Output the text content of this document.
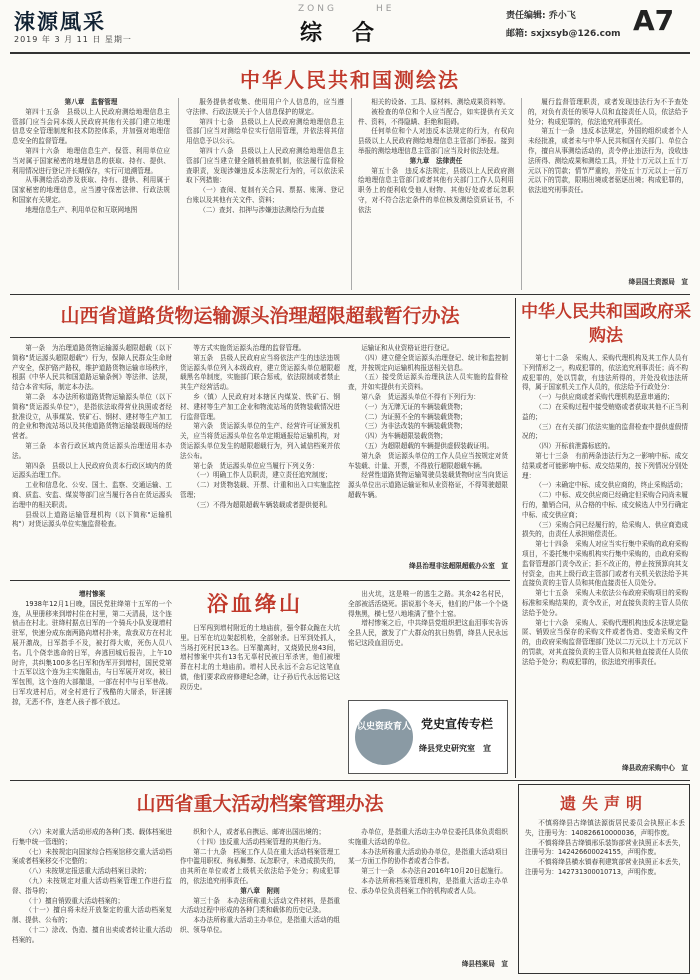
涑源風采
2019 年 3 月 11 日 星期一
ZONG	HE
综合
责任编辑: 乔小飞
邮箱: sxjxsyb@126.com A7
中华人民共和国测绘法

第八章　监督管理

第四十五条　县级以上人民政府测绘地理信息主管部门应当会同本级人民政府其他有关部门建立地理信息安全管理制度和技术防控体系，并加强对地理信息安全的监督管理。

第四十六条　地理信息生产、保管、利用单位应当对属于国家秘密的地理信息的获取、持有、提供、利用情况进行登记并长期保存，实行可追溯管理。

从事测绘活动涉及获取、持有、提供、利用属于国家秘密的地理信息，应当遵守保密法律、行政法规和国家有关规定。

地理信息生产、利用单位和互联网地图

服务提供者收集、使用用户个人信息的，应当遵守法律、行政法规关于个人信息保护的规定。

第四十七条　县级以上人民政府测绘地理信息主管部门应当对测绘单位实行信用管理，并依法将其信用信息予以公示。

第四十八条　县级以上人民政府测绘地理信息主管部门应当建立健全随机抽查机制，依法履行监督检查职责，发现涉嫌违反本法规定行为的，可以依法采取下列措施：

（一）查阅、复制有关合同、票据、账簿、登记台账以及其他有关文件、资料；

（二）查封、扣押与涉嫌违法测绘行为直接

相关的设备、工具、原材料、测绘成果资料等。

被检查的单位和个人应当配合，如实提供有关文件、资料，不得隐瞒、拒绝和阻碍。

任何单位和个人对违反本法规定的行为，有权向县级以上人民政府测绘地理信息主管部门举报。接到举报的测绘地理信息主管部门应当及时依法处理。

第九章　法律责任

第五十条　违反本法规定，县级以上人民政府测绘地理信息主管部门或者其他有关部门工作人员利用职务上的便利收受他人财物、其他好处或者玩忽职守，对不符合法定条件的单位核发测绘资质证书，不依法

履行监督管理职责，或者发现违法行为不予查处的，对负有责任的领导人员和直接责任人员，依法给予处分；构成犯罪的，依法追究刑事责任。

第五十一条　违反本法规定，外国的组织或者个人未经批准，或者未与中华人民共和国有关部门、单位合作，擅自从事测绘活动的，责令停止违法行为，没收违法所得、测绘成果和测绘工具，并处十万元以上五十万元以下的罚款；情节严重的，并处五十万元以上一百万元以下的罚款，限期出境或者驱逐出境；构成犯罪的，依法追究刑事责任。

绛县国土资源局　宣
山西省道路货物运输源头治理超限超载暂行办法

第一条　为治理道路货物运输源头超限超载（以下简称"货运源头超限超载"）行为，保障人民群众生命财产安全，保护路产路权，维护道路货物运输市场秩序，根据《中华人民共和国道路运输条例》等法律、法规，结合本省实际，制定本办法。

第二条　本办法所称道路货物运输源头单位（以下简称"货运源头单位"），是指依法取得营业执照或者经批准设立，从事煤炭、铁矿石、钢材、建材等生产加工的企业和物流站场以及其他道路货物运输装载现场的经营者。

第三条　本省行政区域内货运源头治理适用本办法。

第四条　县级以上人民政府负责本行政区域内的货运源头治理工作。

工业和信息化、公安、国土、监察、交通运输、工商、质监、安监、煤炭等部门应当履行各自在货运源头治理中的相关职责。

县级以上道路运输管理机构（以下简称"运输机构"）对货运源头单位实施监督检查。

等方式实施货运源头治理的监督管理。

第五条　县级人民政府应当将依法产生的违法违规货运源头单位列入本级政府，建立货运源头单位超限超载黑名单制度，实施部门联合惩戒，依法限制或者禁止其生产经营活动。

乡（镇）人民政府对本辖区内煤炭、铁矿石、钢材、建材等生产加工企业和物流站场的货物装载情况进行监督管理。

第六条　货运源头单位的生产、经营许可证颁发机关，应当将货运源头单位名单定期通报给运输机构，对货运源头单位发生的超限超载行为，列入诚信档案并依法公布。

第七条　货运源头单位应当履行下列义务：

（一）明确工作人员职责，建立责任追究制度；

（二）对货物装载、开票、计重和出入口实施监控管理；

（三）不得为超限超载车辆装载或者提供便利。

运输证和从业资格证进行登记。

（四）建立健全货运源头治理登记、统计和监控制度，并按规定向运输机构报送相关信息。

（五）接受货运源头治理执法人员实施的监督检查，并如实提供有关资料。

第八条　货运源头单位不得有下列行为：

（一）为无牌无证的车辆装载货物；

（二）为证照不全的车辆装载货物；

（三）为非法改装的车辆装载货物；

（四）为车辆超限装载货物；

（五）为超限超载的车辆提供虚假装载证明。

第九条　货运源头单位的工作人员应当按规定对货车装载、计量、开票，不得放行超限超载车辆。

经营性道路货物运输驾驶员装载货物时应当向货运源头单位出示道路运输证和从业资格证，不得驾驶超限超载车辆。

绛县治理非法超限超载办公室　宣
中华人民共和国政府采购法

第七十二条　采购人、采购代理机构及其工作人员有下列情形之一，构成犯罪的，依法追究刑事责任；尚不构成犯罪的，处以罚款，有违法所得的，并处没收违法所得，属于国家机关工作人员的，依法给予行政处分：

（一）与供应商或者采购代理机构恶意串通的；

（二）在采购过程中接受贿赂或者获取其他不正当利益的；

（三）在有关部门依法实施的监督检查中提供虚假情况的；

（四）开标前泄露标底的。

第七十三条　有前两条违法行为之一影响中标、成交结果或者可能影响中标、成交结果的，按下列情况分别处理：

（一）未确定中标、成交供应商的，终止采购活动；

（二）中标、成交供应商已经确定但采购合同尚未履行的，撤销合同，从合格的中标、成交候选人中另行确定中标、成交供应商；

（三）采购合同已经履行的，给采购人、供应商造成损失的，由责任人承担赔偿责任。

第七十四条　采购人对应当实行集中采购的政府采购项目，不委托集中采购机构实行集中采购的，由政府采购监督管理部门责令改正；拒不改正的，停止按预算向其支付资金，由其上级行政主管部门或者有关机关依法给予其直接负责的主管人员和其他直接责任人员处分。

第七十五条　采购人未依法公布政府采购项目的采购标准和采购结果的，责令改正，对直接负责的主管人员依法给予处分。

第七十六条　采购人、采购代理机构违反本法规定隐匿、销毁应当保存的采购文件或者伪造、变造采购文件的，由政府采购监督管理部门处以二万元以上十万元以下的罚款，对其直接负责的主管人员和其他直接责任人员依法给予处分；构成犯罪的，依法追究刑事责任。

绛县政府采购中心　宣
浴血绛山

增村惨案

1938年12月1日晚，国民党驻绛第十五军的一个连，从里册移来到增村住在村里，第二天清晨，这个连侦击在村北。驻绛村据点日军的一个骑兵小队发现增村驻军，快速分成东南两路向增村扑来，敌我双方在村北展开激战，日军指手不及，被打得大败，死伤人员八名。几个侥幸逃命的日军，奔逃回城后报告，上午10时许，共纠集100多名日军和伪军开到增村，国民党第十五军以这个连为主实施阻击，与日军展开对攻，被日军包围，这个连的大部撤退，一部在村中与日军巷战。日军攻进村后，对全村进行了残酷的大屠杀，奸淫掳掠，无恶不作，连老人孩子都不放过。

日军闯到增村附近的土地庙前，强令群众跪在大坑里。日军在坑边架起机枪，全部射杀。日军到处抓人，当场打死村民13名。日军撤离时，又烧毁民房43间，增村惨案中共有13名无辜村民被日军杀害，他们被埋葬在村北的土地庙前。增村人民永远不会忘记这笔血债，他们要求政府修建纪念碑，让子孙后代永远铭记这段历史。

出火坑，这是唯一的逃生之路。其余42名村民，全部被活活烧死。据说那个冬天，他们的尸体一个个烧得焦黑，横七竖八地堆满了整个土窑。

增村惨案之后，中共绛县党组织把这血泪事实告诉全县人民，激发了广大群众的抗日热情，绛县人民永远铭记这段血泪历史。

以史资政育人 党史宣传专栏
绛县党史研究室　宣
山西省重大活动档案管理办法

（六）未对重大活动形成的各种门类、载体档案进行集中统一管理的；

（七）未按规定向国家综合档案馆移交重大活动档案或者档案移交不完整的；

（八）未按规定报送重大活动档案目录的；

（九）未按规定对重大活动档案管理工作进行监督、指导的；

（十）擅自销毁重大活动档案的；

（十一）擅自将未经开放鉴定的重大活动档案复制、提供、公布的；

（十二）涂改、伪造、擅自出卖或者转让重大活动档案的。

织和个人，或者私自携运、邮寄出国出境的；

（十四）违反重大活动档案管理的其他行为。

第二十九条　档案工作人员在重大活动档案管理工作中滥用职权、徇私舞弊、玩忽职守，未造成损失的，由其所在单位或者上级机关依法给予处分；构成犯罪的，依法追究刑事责任。

第八章　附则

第三十条　本办法所称重大活动文件材料，是指重大活动过程中形成的各种门类和载体的历史记录。

本办法所称重大活动主办单位，是指重大活动的组织、领导单位。

办单位，是指重大活动主办单位委托具体负责组织实施重大活动的单位。

本办法所称重大活动协办单位，是指重大活动项目某一方面工作的协作者或者合作者。

第三十一条　本办法自2016年10月20日起施行。

本办法所称档案管理机构，是指重大活动主办单位、承办单位负责档案工作的机构或者人员。

绛县档案局　宣
遗失声明

不慎将绛县古绛镇法源街居民委员会执照正本丢失，注册号为：140826610000036，声明作废。

不慎将绛县古绛镇邢乐装饰部营业执照正本丢失，注册号为：142426600024155，声明作废。

不慎将绛县横水镇春利建筑部营业执照正本丢失，注册号为：142731300010713，声明作废。
